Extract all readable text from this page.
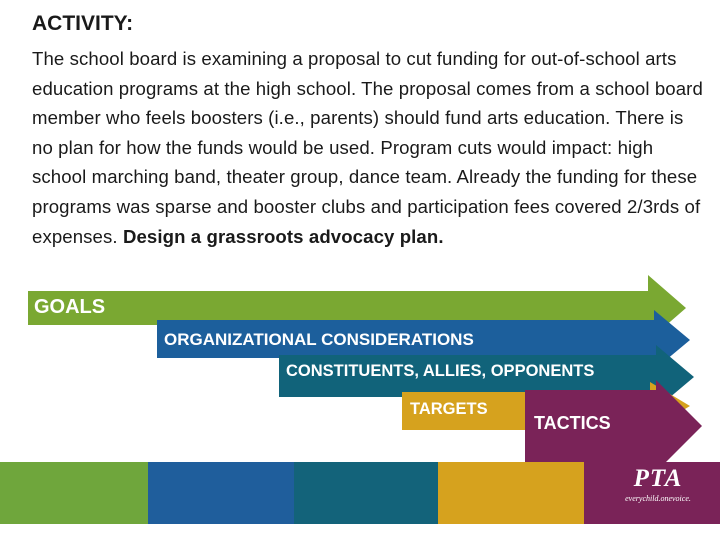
ACTIVITY:

The school board is examining a proposal to cut funding for out-of-school arts education programs at the high school. The proposal comes from a school board member who feels boosters (i.e., parents) should fund arts education. There is no plan for how the funds would be used. Program cuts would impact: high school marching band, theater group, dance team. Already the funding for these programs was sparse and booster clubs and participation fees covered 2/3rds of expenses. Design a grassroots advocacy plan.

GOALS
ORGANIZATIONAL CONSIDERATIONS
CONSTITUENTS, ALLIES, OPPONENTS
TARGETS
TACTICS
PTA
everychild.onevoice.
